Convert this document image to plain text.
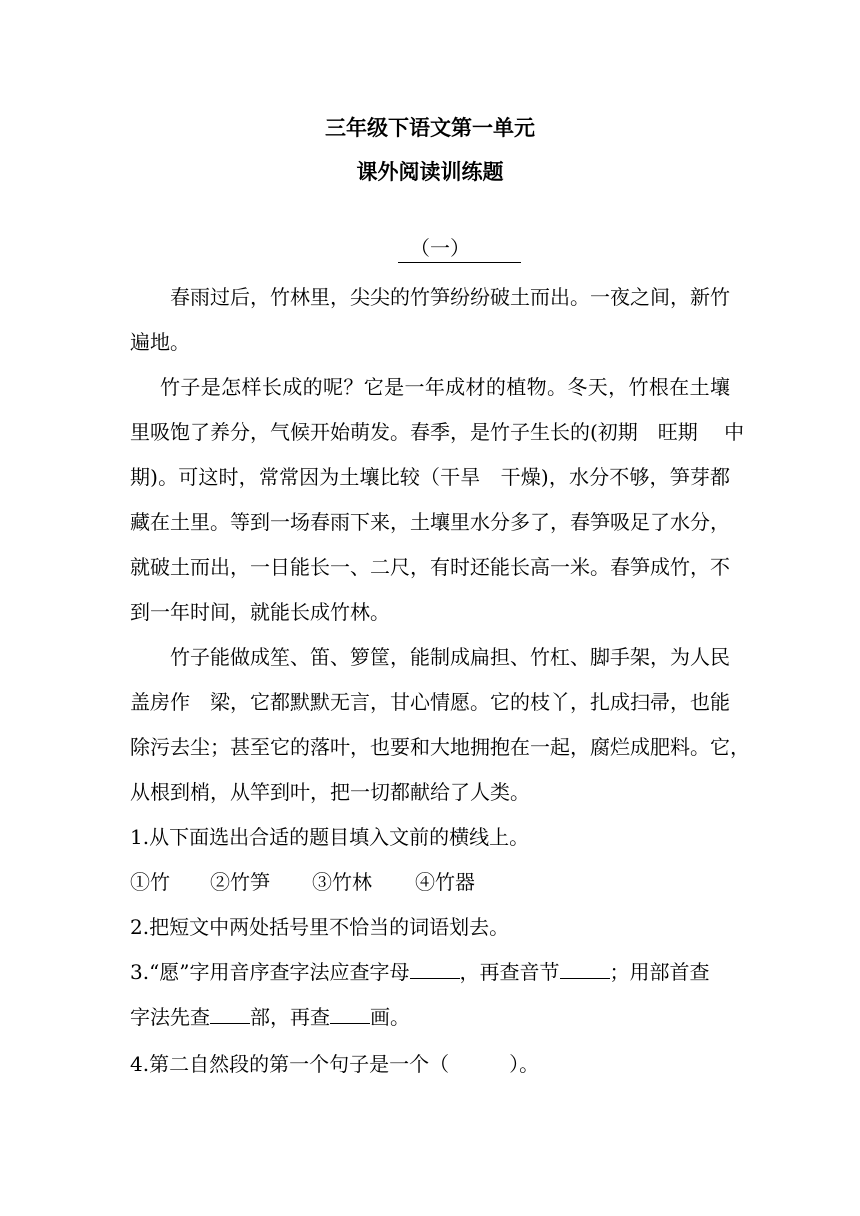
三年级下语文第一单元
课外阅读训练题
（一）
　春雨过后，竹林里，尖尖的竹笋纷纷破土而出。一夜之间，新竹
遍地。
竹子是怎样长成的呢？它是一年成材的植物。冬天，竹根在土壤
里吸饱了养分，气候开始萌发。春季，是竹子生长的(初期　旺期　 中
期)。可这时，常常因为土壤比较（干旱　干燥)，水分不够，笋芽都
藏在土里。等到一场春雨下来，土壤里水分多了，春笋吸足了水分，
就破土而出，一日能长一、二尺，有时还能长高一米。春笋成竹，不
到一年时间，就能长成竹林。
　竹子能做成笙、笛、箩筐，能制成扁担、竹杠、脚手架，为人民
盖房作　梁，它都默默无言，甘心情愿。它的枝丫，扎成扫帚，也能
除污去尘；甚至它的落叶，也要和大地拥抱在一起，腐烂成肥料。它，
从根到梢，从竿到叶，把一切都献给了人类。
1.从下面选出合适的题目填入文前的横线上。
①竹 ②竹笋 ③竹林 ④竹器
2.把短文中两处括号里不恰当的词语划去。
3.“愿”字用音序查字法应查字母	，再查音节	；用部首查
字法先查 部，再查 画。
4.第二自然段的第一个句子是一个（　　　）。
